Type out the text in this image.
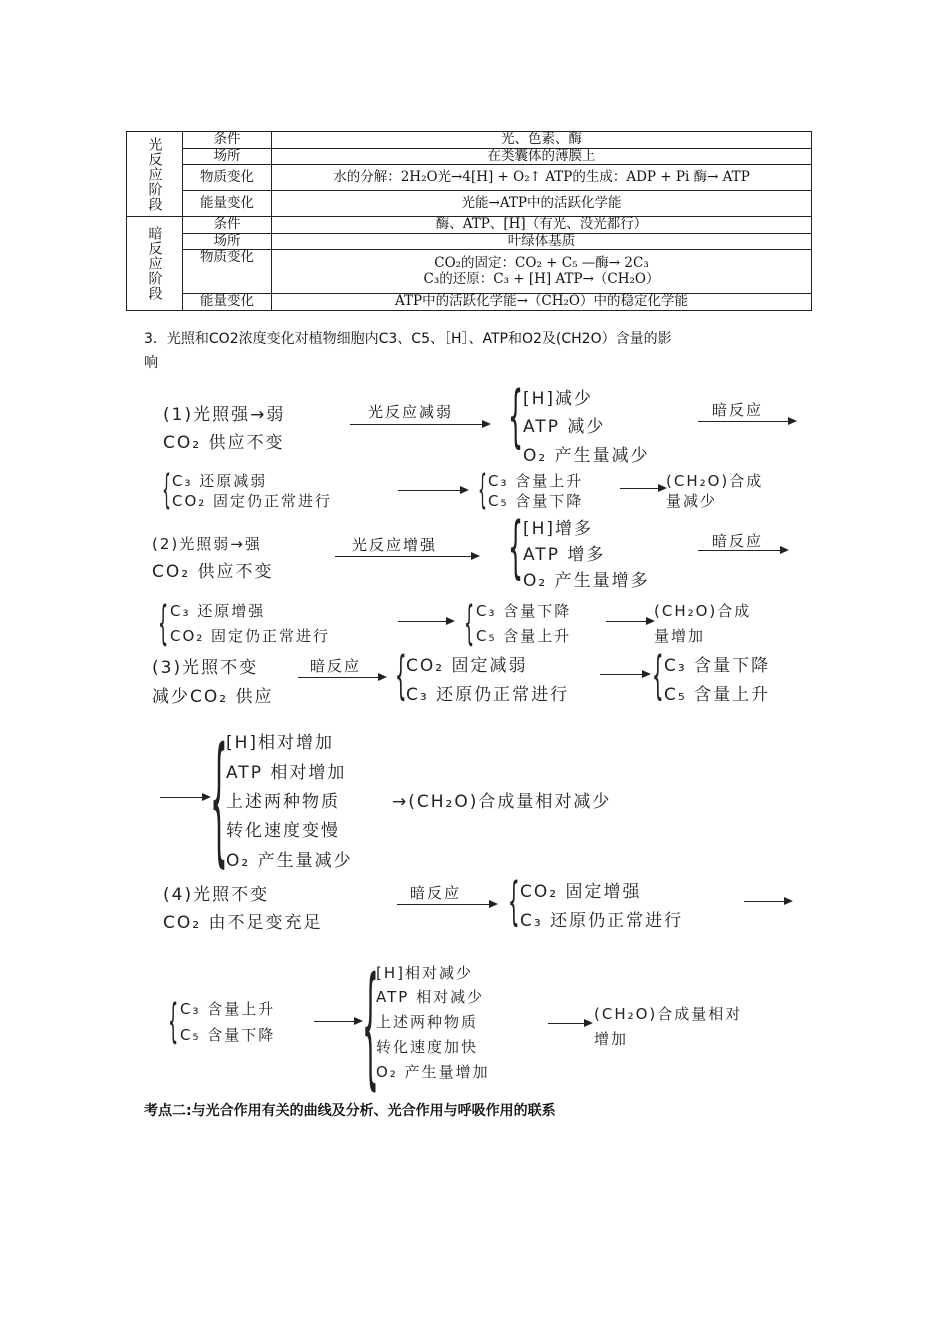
光反应阶段	条件	光、色素、酶
	场所	在类囊体的薄膜上
	物质变化	水的分解：2H₂O光→4[H] + O₂↑ ATP的生成：ADP + Pi 酶→ ATP
	能量变化	光能→ATP中的活跃化学能
暗反应阶段	条件	酶、ATP、[H]（有光、没光都行）
	场所	叶绿体基质
	物质变化	CO₂的固定：CO₂ + C₅ —酶→ 2C₃
C₃的还原：C₃ + [H] ATP→（CH₂O）

	能量变化	ATP中的活跃化学能→（CH₂O）中的稳定化学能
3．光照和CO2浓度变化对植物细胞内C3、C5、［H］、ATP和O2及(CH2O）含量的影
响
(1)光照强→弱
CO₂ 供应不变
光反应减弱 { [H]减少
ATP 减少
O₂ 产生量减少
暗反应
{ C₃ 还原减弱
CO₂ 固定仍正常进行	{ C₃ 含量上升
C₅ 含量下降
(CH₂O)合成
量减少
(2)光照弱→强
CO₂ 供应不变
光反应增强 { [H]增多
ATP 增多
O₂ 产生量增多
暗反应
{ C₃ 还原增强
CO₂ 固定仍正常进行	{ C₃ 含量下降
C₅ 含量上升
(CH₂O)合成
量增加
(3)光照不变
减少CO₂ 供应
暗反应 { CO₂ 固定减弱
C₃ 还原仍正常进行 { C₃ 含量下降
C₅ 含量上升
{
[H]相对增加
ATP 相对增加
上述两种物质
转化速度变慢
O₂ 产生量减少
→(CH₂O)合成量相对减少
(4)光照不变
CO₂ 由不足变充足
暗反应 { CO₂ 固定增强
C₃ 还原仍正常进行
{ C₃ 含量上升
C₅ 含量下降 {
[H]相对减少
ATP 相对减少
上述两种物质
转化速度加快
O₂ 产生量增加
(CH₂O)合成量相对
增加
考点二:与光合作用有关的曲线及分析、光合作用与呼吸作用的联系
